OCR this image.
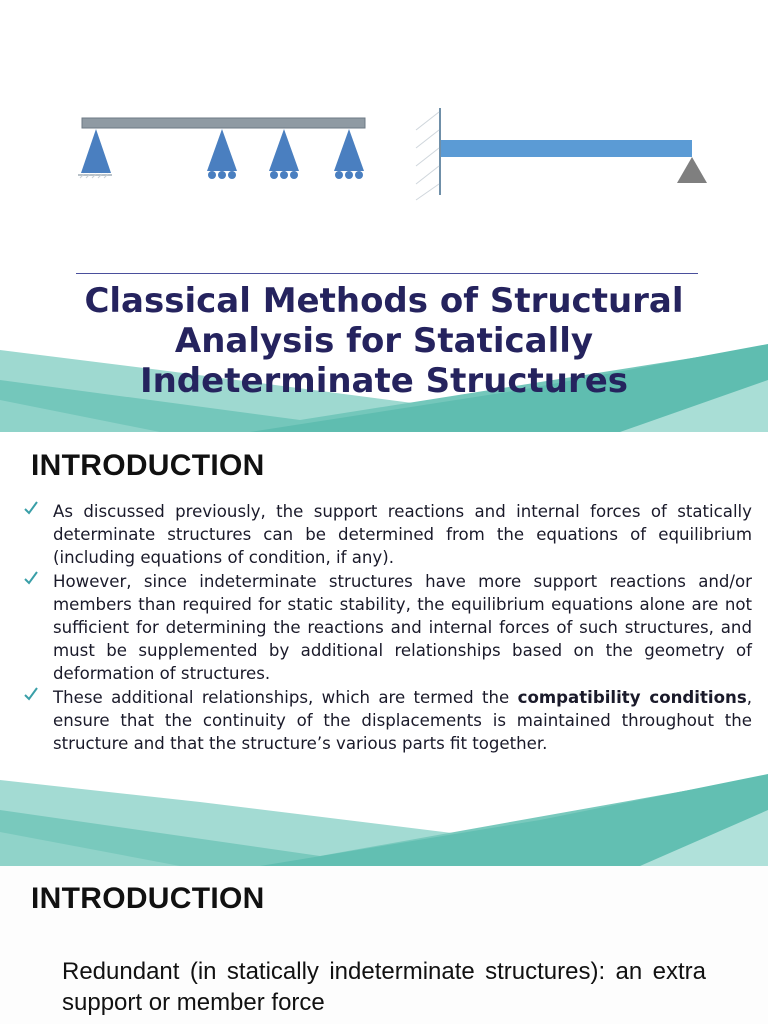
Classical Methods of Structural
Analysis for Statically
Indeterminate Structures
INTRODUCTION
As discussed previously, the support reactions and internal forces of statically determinate structures can be determined from the equations of equilibrium (including equations of condition, if any).
However, since indeterminate structures have more support reactions and/or members than required for static stability, the equilibrium equations alone are not sufficient for determining the reactions and internal forces of such structures, and must be supplemented by additional relationships based on the geometry of deformation of structures.
These additional relationships, which are termed the compatibility conditions, ensure that the continuity of the displacements is maintained throughout the structure and that the structure’s various parts fit together.
INTRODUCTION

Redundant (in statically indeterminate structures): an extra support or member force
